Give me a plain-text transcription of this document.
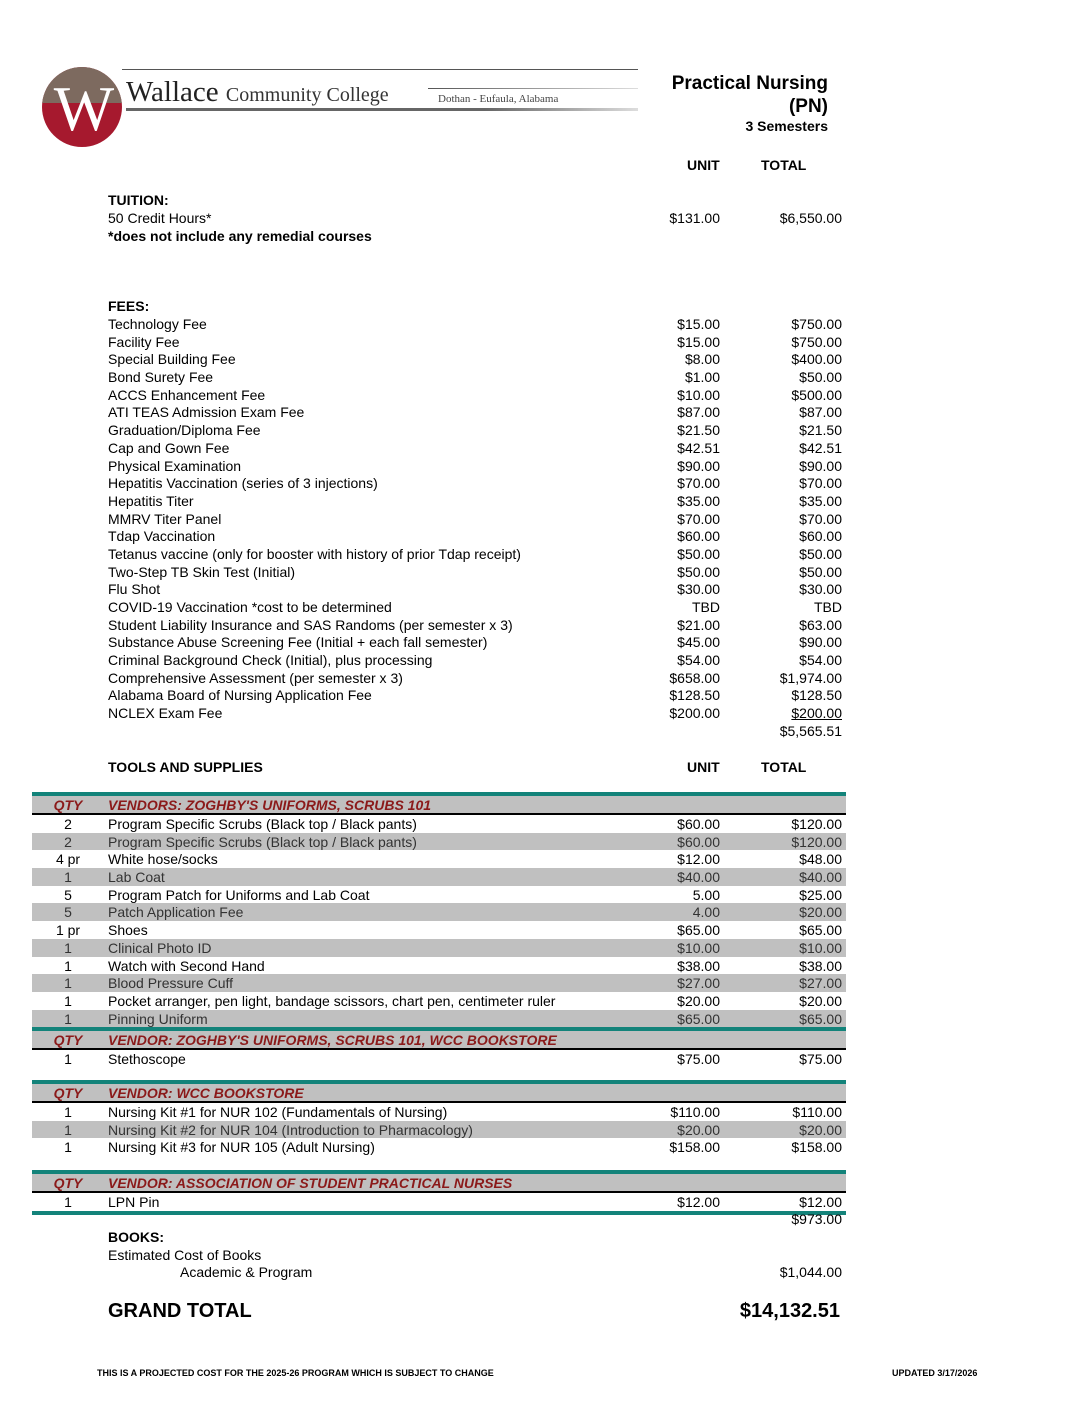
W Wallace Community College	Dothan - Eufaula, Alabama
Practical Nursing
(PN)
3 Semesters
UNIT	TOTAL
TUITION:
50 Credit Hours*	$131.00	$6,550.00
*does not include any remedial courses
FEES:
Technology Fee	$15.00	$750.00
Facility Fee	$15.00	$750.00
Special Building Fee	$8.00	$400.00
Bond Surety Fee	$1.00	$50.00
ACCS Enhancement Fee	$10.00	$500.00
ATI TEAS Admission Exam Fee	$87.00	$87.00
Graduation/Diploma Fee	$21.50	$21.50
Cap and Gown Fee	$42.51	$42.51
Physical Examination	$90.00	$90.00
Hepatitis Vaccination (series of 3 injections)	$70.00	$70.00
Hepatitis Titer	$35.00	$35.00
MMRV Titer Panel	$70.00	$70.00
Tdap Vaccination	$60.00	$60.00
Tetanus vaccine (only for booster with history of prior Tdap receipt)	$50.00	$50.00
Two-Step TB Skin Test (Initial)	$50.00	$50.00
Flu Shot	$30.00	$30.00
COVID-19 Vaccination *cost to be determined	TBD	TBD
Student Liability Insurance and SAS Randoms (per semester x 3)	$21.00	$63.00
Substance Abuse Screening Fee (Initial + each fall semester)	$45.00	$90.00
Criminal Background Check (Initial), plus processing	$54.00	$54.00
Comprehensive Assessment (per semester x 3)	$658.00	$1,974.00
Alabama Board of Nursing Application Fee	$128.50	$128.50
NCLEX Exam Fee	$200.00	$200.00
$5,565.51
TOOLS AND SUPPLIES	UNIT	TOTAL
QTY	VENDORS: ZOGHBY'S UNIFORMS, SCRUBS 101
2	Program Specific Scrubs (Black top / Black pants)	$60.00	$120.00
2	Program Specific Scrubs (Black top / Black pants)	$60.00	$120.00
4 pr	White hose/socks	$12.00	$48.00
1	Lab Coat	$40.00	$40.00
5	Program Patch for Uniforms and Lab Coat	5.00	$25.00
5	Patch Application Fee	4.00	$20.00
1 pr	Shoes	$65.00	$65.00
1	Clinical Photo ID	$10.00	$10.00
1	Watch with Second Hand	$38.00	$38.00
1	Blood Pressure Cuff	$27.00	$27.00
1	Pocket arranger, pen light, bandage scissors, chart pen, centimeter ruler	$20.00	$20.00
1	Pinning Uniform	$65.00	$65.00
QTY	VENDOR: ZOGHBY'S UNIFORMS, SCRUBS 101, WCC BOOKSTORE
1	Stethoscope	$75.00	$75.00
QTY	VENDOR: WCC BOOKSTORE
1	Nursing Kit #1 for NUR 102 (Fundamentals of Nursing)	$110.00	$110.00
1	Nursing Kit #2 for NUR 104 (Introduction to Pharmacology)	$20.00	$20.00
1	Nursing Kit #3 for NUR 105 (Adult Nursing)	$158.00	$158.00
QTY	VENDOR: ASSOCIATION OF STUDENT PRACTICAL NURSES
1	LPN Pin	$12.00	$12.00
$973.00
BOOKS:
Estimated Cost of Books
Academic & Program	$1,044.00
GRAND TOTAL	$14,132.51
THIS IS A PROJECTED COST FOR THE 2025-26 PROGRAM WHICH IS SUBJECT TO CHANGE	UPDATED 3/17/2026
